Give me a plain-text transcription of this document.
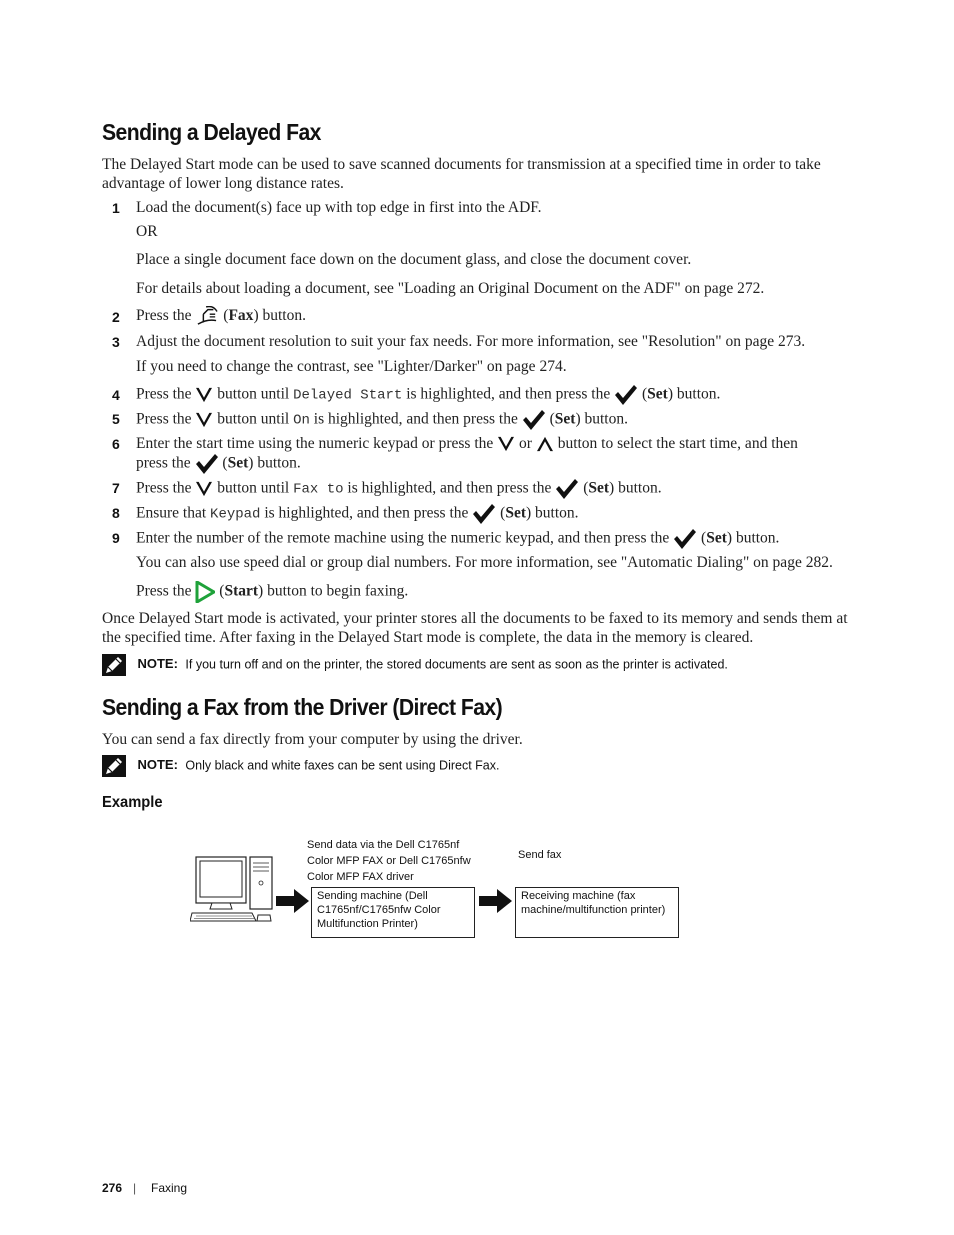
Sending a Delayed Fax
The Delayed Start mode can be used to save scanned documents for transmission at a specified time in order to take advantage of lower long distance rates.
1 Load the document(s) face up with top edge in first into the ADF.
OR
Place a single document face down on the document glass, and close the document cover.
For details about loading a document, see "Loading an Original Document on the ADF" on page 272.
2 Press the  (Fax) button.
3 Adjust the document resolution to suit your fax needs. For more information, see "Resolution" on page 273.
If you need to change the contrast, see "Lighter/Darker" on page 274.
4 Press the button until Delayed Start is highlighted, and then press the  (Set) button.
5 Press the button until On is highlighted, and then press the  (Set) button.
6 Enter the start time using the numeric keypad or press the or button to select the start time, and then
press the  (Set) button.
7 Press the button until Fax to is highlighted, and then press the  (Set) button.
8 Ensure that Keypad is highlighted, and then press the  (Set) button.
9 Enter the number of the remote machine using the numeric keypad, and then press the  (Set) button.
You can also use speed dial or group dial numbers. For more information, see "Automatic Dialing" on page 282.
Press the  (Start) button to begin faxing.
Once Delayed Start mode is activated, your printer stores all the documents to be faxed to its memory and sends them at the specified time. After faxing in the Delayed Start mode is complete, the data in the memory is cleared.
NOTE: If you turn off and on the printer, the stored documents are sent as soon as the printer is activated.
Sending a Fax from the Driver (Direct Fax)
You can send a fax directly from your computer by using the driver.
NOTE: Only black and white faxes can be sent using Direct Fax.
Example
Send data via the Dell C1765nf Color MFP FAX or Dell C1765nfw Color MFP FAX driver
Send fax
Sending machine (Dell C1765nf/C1765nfw Color Multifunction Printer)
Receiving machine (fax machine/multifunction printer)
276 | Faxing
